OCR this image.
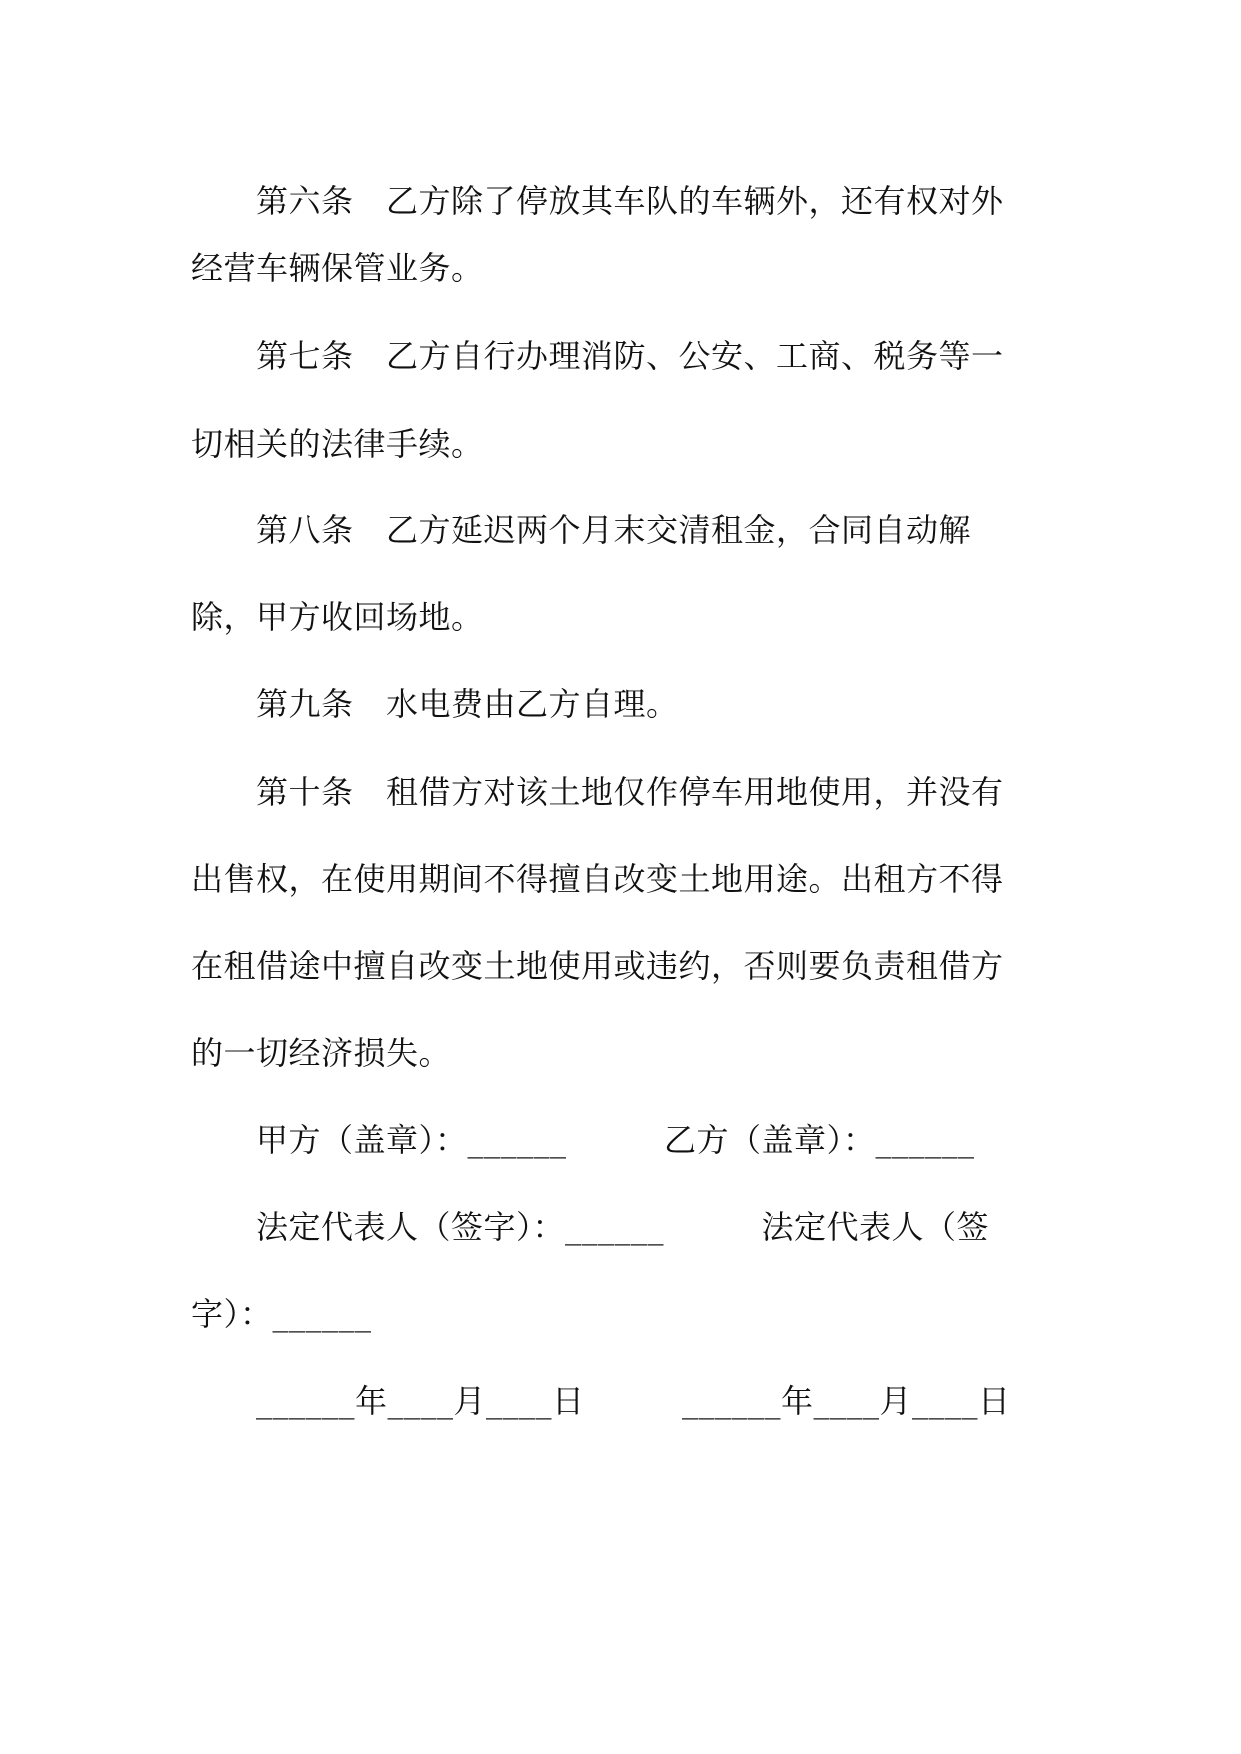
第六条　乙方除了停放其车队的车辆外，还有权对外
经营车辆保管业务。
第七条　乙方自行办理消防、公安、工商、税务等一
切相关的法律手续。
第八条　乙方延迟两个月末交清租金，合同自动解
除，甲方收回场地。
第九条　水电费由乙方自理。
第十条　租借方对该土地仅作停车用地使用，并没有
出售权，在使用期间不得擅自改变土地用途。出租方不得
在租借途中擅自改变土地使用或违约，否则要负责租借方
的一切经济损失。
甲方（盖章）：______　　　乙方（盖章）：______
法定代表人（签字）：______　　　法定代表人（签
字）：______
______年____月____日　　　______年____月____日
